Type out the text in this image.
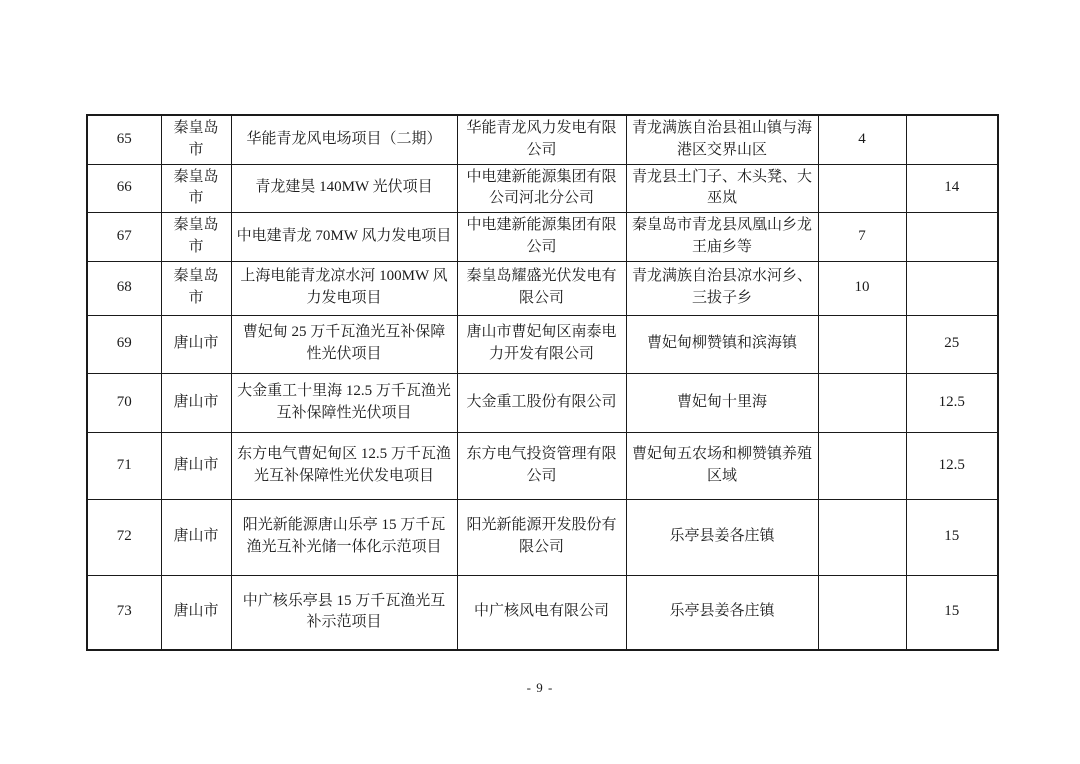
65	秦皇岛市	华能青龙风电场项目（二期）	华能青龙风力发电有限公司	青龙满族自治县祖山镇与海港区交界山区	4	
66	秦皇岛市	青龙建昊 140MW 光伏项目	中电建新能源集团有限公司河北分公司	青龙县土门子、木头凳、大巫岚		14
67	秦皇岛市	中电建青龙 70MW 风力发电项目	中电建新能源集团有限公司	秦皇岛市青龙县凤凰山乡龙王庙乡等	7	
68	秦皇岛市	上海电能青龙凉水河 100MW 风力发电项目	秦皇岛耀盛光伏发电有限公司	青龙满族自治县凉水河乡、三拔子乡	10	
69	唐山市	曹妃甸 25 万千瓦渔光互补保障性光伏项目	唐山市曹妃甸区南泰电力开发有限公司	曹妃甸柳赞镇和滨海镇		25
70	唐山市	大金重工十里海 12.5 万千瓦渔光互补保障性光伏项目	大金重工股份有限公司	曹妃甸十里海		12.5
71	唐山市	东方电气曹妃甸区 12.5 万千瓦渔光互补保障性光伏发电项目	东方电气投资管理有限公司	曹妃甸五农场和柳赞镇养殖区域		12.5
72	唐山市	阳光新能源唐山乐亭 15 万千瓦渔光互补光储一体化示范项目	阳光新能源开发股份有限公司	乐亭县姜各庄镇		15
73	唐山市	中广核乐亭县 15 万千瓦渔光互补示范项目	中广核风电有限公司	乐亭县姜各庄镇		15
- 9 -
